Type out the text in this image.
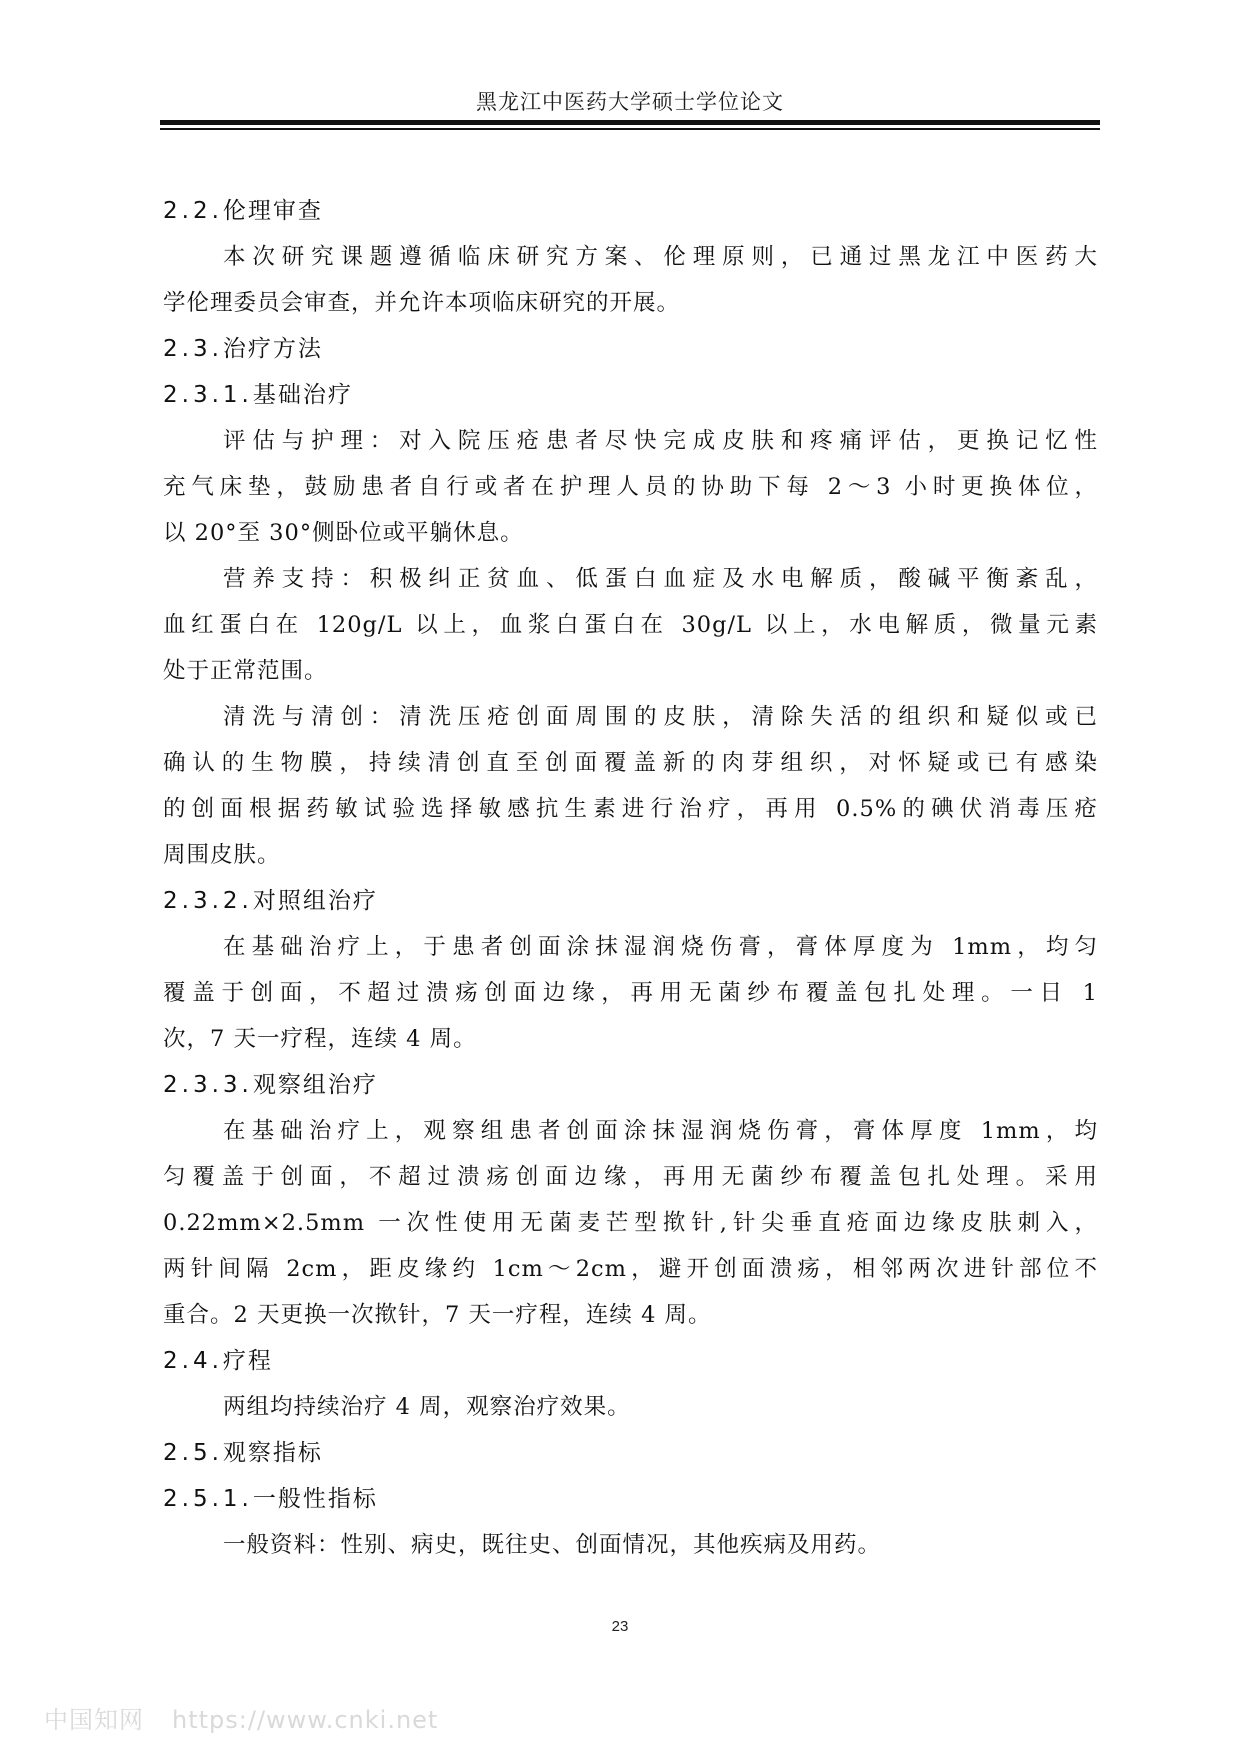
黑龙江中医药大学硕士学位论文
2.2.伦理审查
本次研究课题遵循临床研究方案、伦理原则，已通过黑龙江中医药大
学伦理委员会审查，并允许本项临床研究的开展。
2.3.治疗方法
2.3.1.基础治疗
评估与护理：对入院压疮患者尽快完成皮肤和疼痛评估，更换记忆性
充气床垫，鼓励患者自行或者在护理人员的协助下每 2～3 小时更换体位，
以 20°至 30°侧卧位或平躺休息。
营养支持：积极纠正贫血、低蛋白血症及水电解质，酸碱平衡紊乱，
血红蛋白在 120g/L 以上，血浆白蛋白在 30g/L 以上，水电解质，微量元素
处于正常范围。
清洗与清创：清洗压疮创面周围的皮肤，清除失活的组织和疑似或已
确认的生物膜，持续清创直至创面覆盖新的肉芽组织，对怀疑或已有感染
的创面根据药敏试验选择敏感抗生素进行治疗，再用 0.5%的碘伏消毒压疮
周围皮肤。
2.3.2.对照组治疗
在基础治疗上，于患者创面涂抹湿润烧伤膏，膏体厚度为 1mm，均匀
覆盖于创面，不超过溃疡创面边缘，再用无菌纱布覆盖包扎处理。一日 1
次，7 天一疗程，连续 4 周。
2.3.3.观察组治疗
在基础治疗上，观察组患者创面涂抹湿润烧伤膏，膏体厚度 1mm，均
匀覆盖于创面，不超过溃疡创面边缘，再用无菌纱布覆盖包扎处理。采用
0.22mm×2.5mm 一次性使用无菌麦芒型揿针,针尖垂直疮面边缘皮肤刺入，
两针间隔 2cm，距皮缘约 1cm～2cm，避开创面溃疡，相邻两次进针部位不
重合。2 天更换一次揿针，7 天一疗程，连续 4 周。
2.4.疗程
两组均持续治疗 4 周，观察治疗效果。
2.5.观察指标
2.5.1.一般性指标
一般资料：性别、病史，既往史、创面情况，其他疾病及用药。
23
中国知网 https://www.cnki.net
